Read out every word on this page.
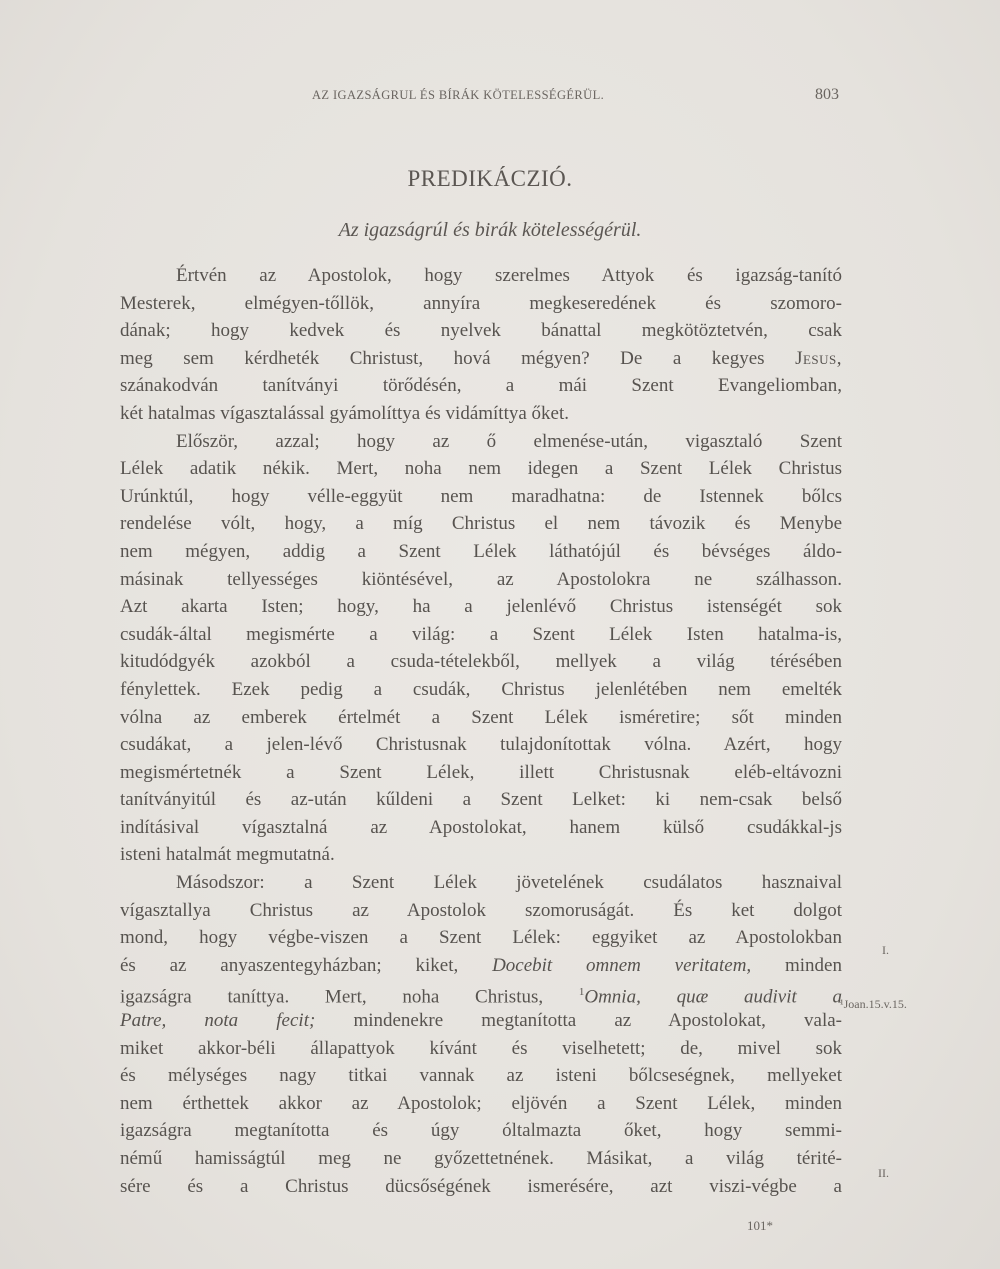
AZ IGAZSÁGRUL ÉS BÍRÁK KÖTELESSÉGÉRÜL.	803
PREDIKÁCZIÓ.
Az igazságrúl és birák kötelességérül.
Értvén az Apostolok, hogy szerelmes Attyok és igazság-tanító
Mesterek, elmégyen-tőllök, annyíra megkeseredének és szomoro-
dának; hogy kedvek és nyelvek bánattal megkötöztetvén, csak
meg sem kérdheték Christust, hová mégyen? De a kegyes Jesus,
szánakodván tanítványi törődésén, a mái Szent Evangeliomban,
két hatalmas vígasztalással gyámolíttya és vidámíttya őket.
Először, azzal; hogy az ő elmenése-után, vigasztaló Szent
Lélek adatik nékik. Mert, noha nem idegen a Szent Lélek Christus
Urúnktúl, hogy vélle-eggyüt nem maradhatna: de Istennek bőlcs
rendelése vólt, hogy, a míg Christus el nem távozik és Menybe
nem mégyen, addig a Szent Lélek láthatójúl és bévséges áldo-
másinak tellyességes kiöntésével, az Apostolokra ne szálhasson.
Azt akarta Isten; hogy, ha a jelenlévő Christus istenségét sok
csudák-által megismérte a világ: a Szent Lélek Isten hatalma-is,
kitudódgyék azokból a csuda-tételekből, mellyek a világ térésében
fénylettek. Ezek pedig a csudák, Christus jelenlétében nem emelték
vólna az emberek értelmét a Szent Lélek isméretire; sőt minden
csudákat, a jelen-lévő Christusnak tulajdonítottak vólna. Azért, hogy
megismértetnék a Szent Lélek, illett Christusnak eléb-eltávozni
tanítványitúl és az-után kűldeni a Szent Lelket: ki nem-csak belső
indításival vígasztalná az Apostolokat, hanem külső csudákkal-js
isteni hatalmát megmutatná.
Másodszor: a Szent Lélek jövetelének csudálatos hasznaival
vígasztallya Christus az Apostolok szomoruságát. És ket dolgot
mond, hogy végbe-viszen a Szent Lélek: eggyiket az Apostolokban
és az anyaszentegyházban; kiket, Docebit omnem veritatem, minden
igazságra taníttya. Mert, noha Christus, $^1$Omnia, quæ audivit a
Patre, nota fecit; mindenekre megtanította az Apostolokat, vala-
miket akkor-béli állapattyok kívánt és viselhetett; de, mivel sok
és mélységes nagy titkai vannak az isteni bőlcseségnek, mellyeket
nem érthettek akkor az Apostolok; eljövén a Szent Lélek, minden
igazságra megtanította és úgy óltalmazta őket, hogy semmi-
némű hamisságtúl meg ne győzettetnének. Másikat, a világ térité-
sére és a Christus dücsőségének ismerésére, azt viszi-végbe a
I.
¹Joan.15.v.15.
II.
101*
